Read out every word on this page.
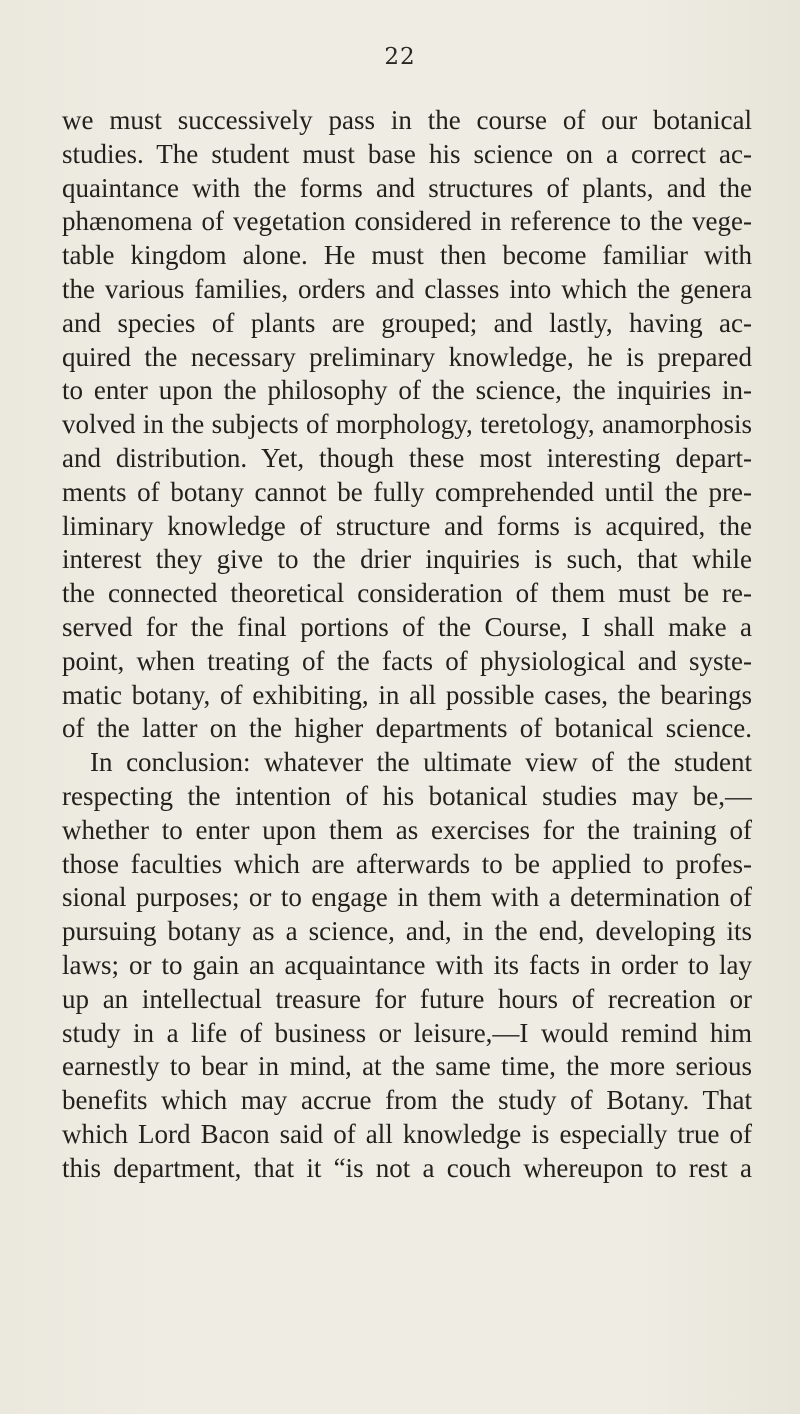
22
we must successively pass in the course of our botanical
studies. The student must base his science on a correct ac-
quaintance with the forms and structures of plants, and the
phænomena of vegetation considered in reference to the vege-
table kingdom alone. He must then become familiar with
the various families, orders and classes into which the genera
and species of plants are grouped; and lastly, having ac-
quired the necessary preliminary knowledge, he is prepared
to enter upon the philosophy of the science, the inquiries in-
volved in the subjects of morphology, teretology, anamorphosis
and distribution. Yet, though these most interesting depart-
ments of botany cannot be fully comprehended until the pre-
liminary knowledge of structure and forms is acquired, the
interest they give to the drier inquiries is such, that while
the connected theoretical consideration of them must be re-
served for the final portions of the Course, I shall make a
point, when treating of the facts of physiological and syste-
matic botany, of exhibiting, in all possible cases, the bearings
of the latter on the higher departments of botanical science.
In conclusion: whatever the ultimate view of the student
respecting the intention of his botanical studies may be,—
whether to enter upon them as exercises for the training of
those faculties which are afterwards to be applied to profes-
sional purposes; or to engage in them with a determination of
pursuing botany as a science, and, in the end, developing its
laws; or to gain an acquaintance with its facts in order to lay
up an intellectual treasure for future hours of recreation or
study in a life of business or leisure,—I would remind him
earnestly to bear in mind, at the same time, the more serious
benefits which may accrue from the study of Botany. That
which Lord Bacon said of all knowledge is especially true of
this department, that it “is not a couch whereupon to rest a
